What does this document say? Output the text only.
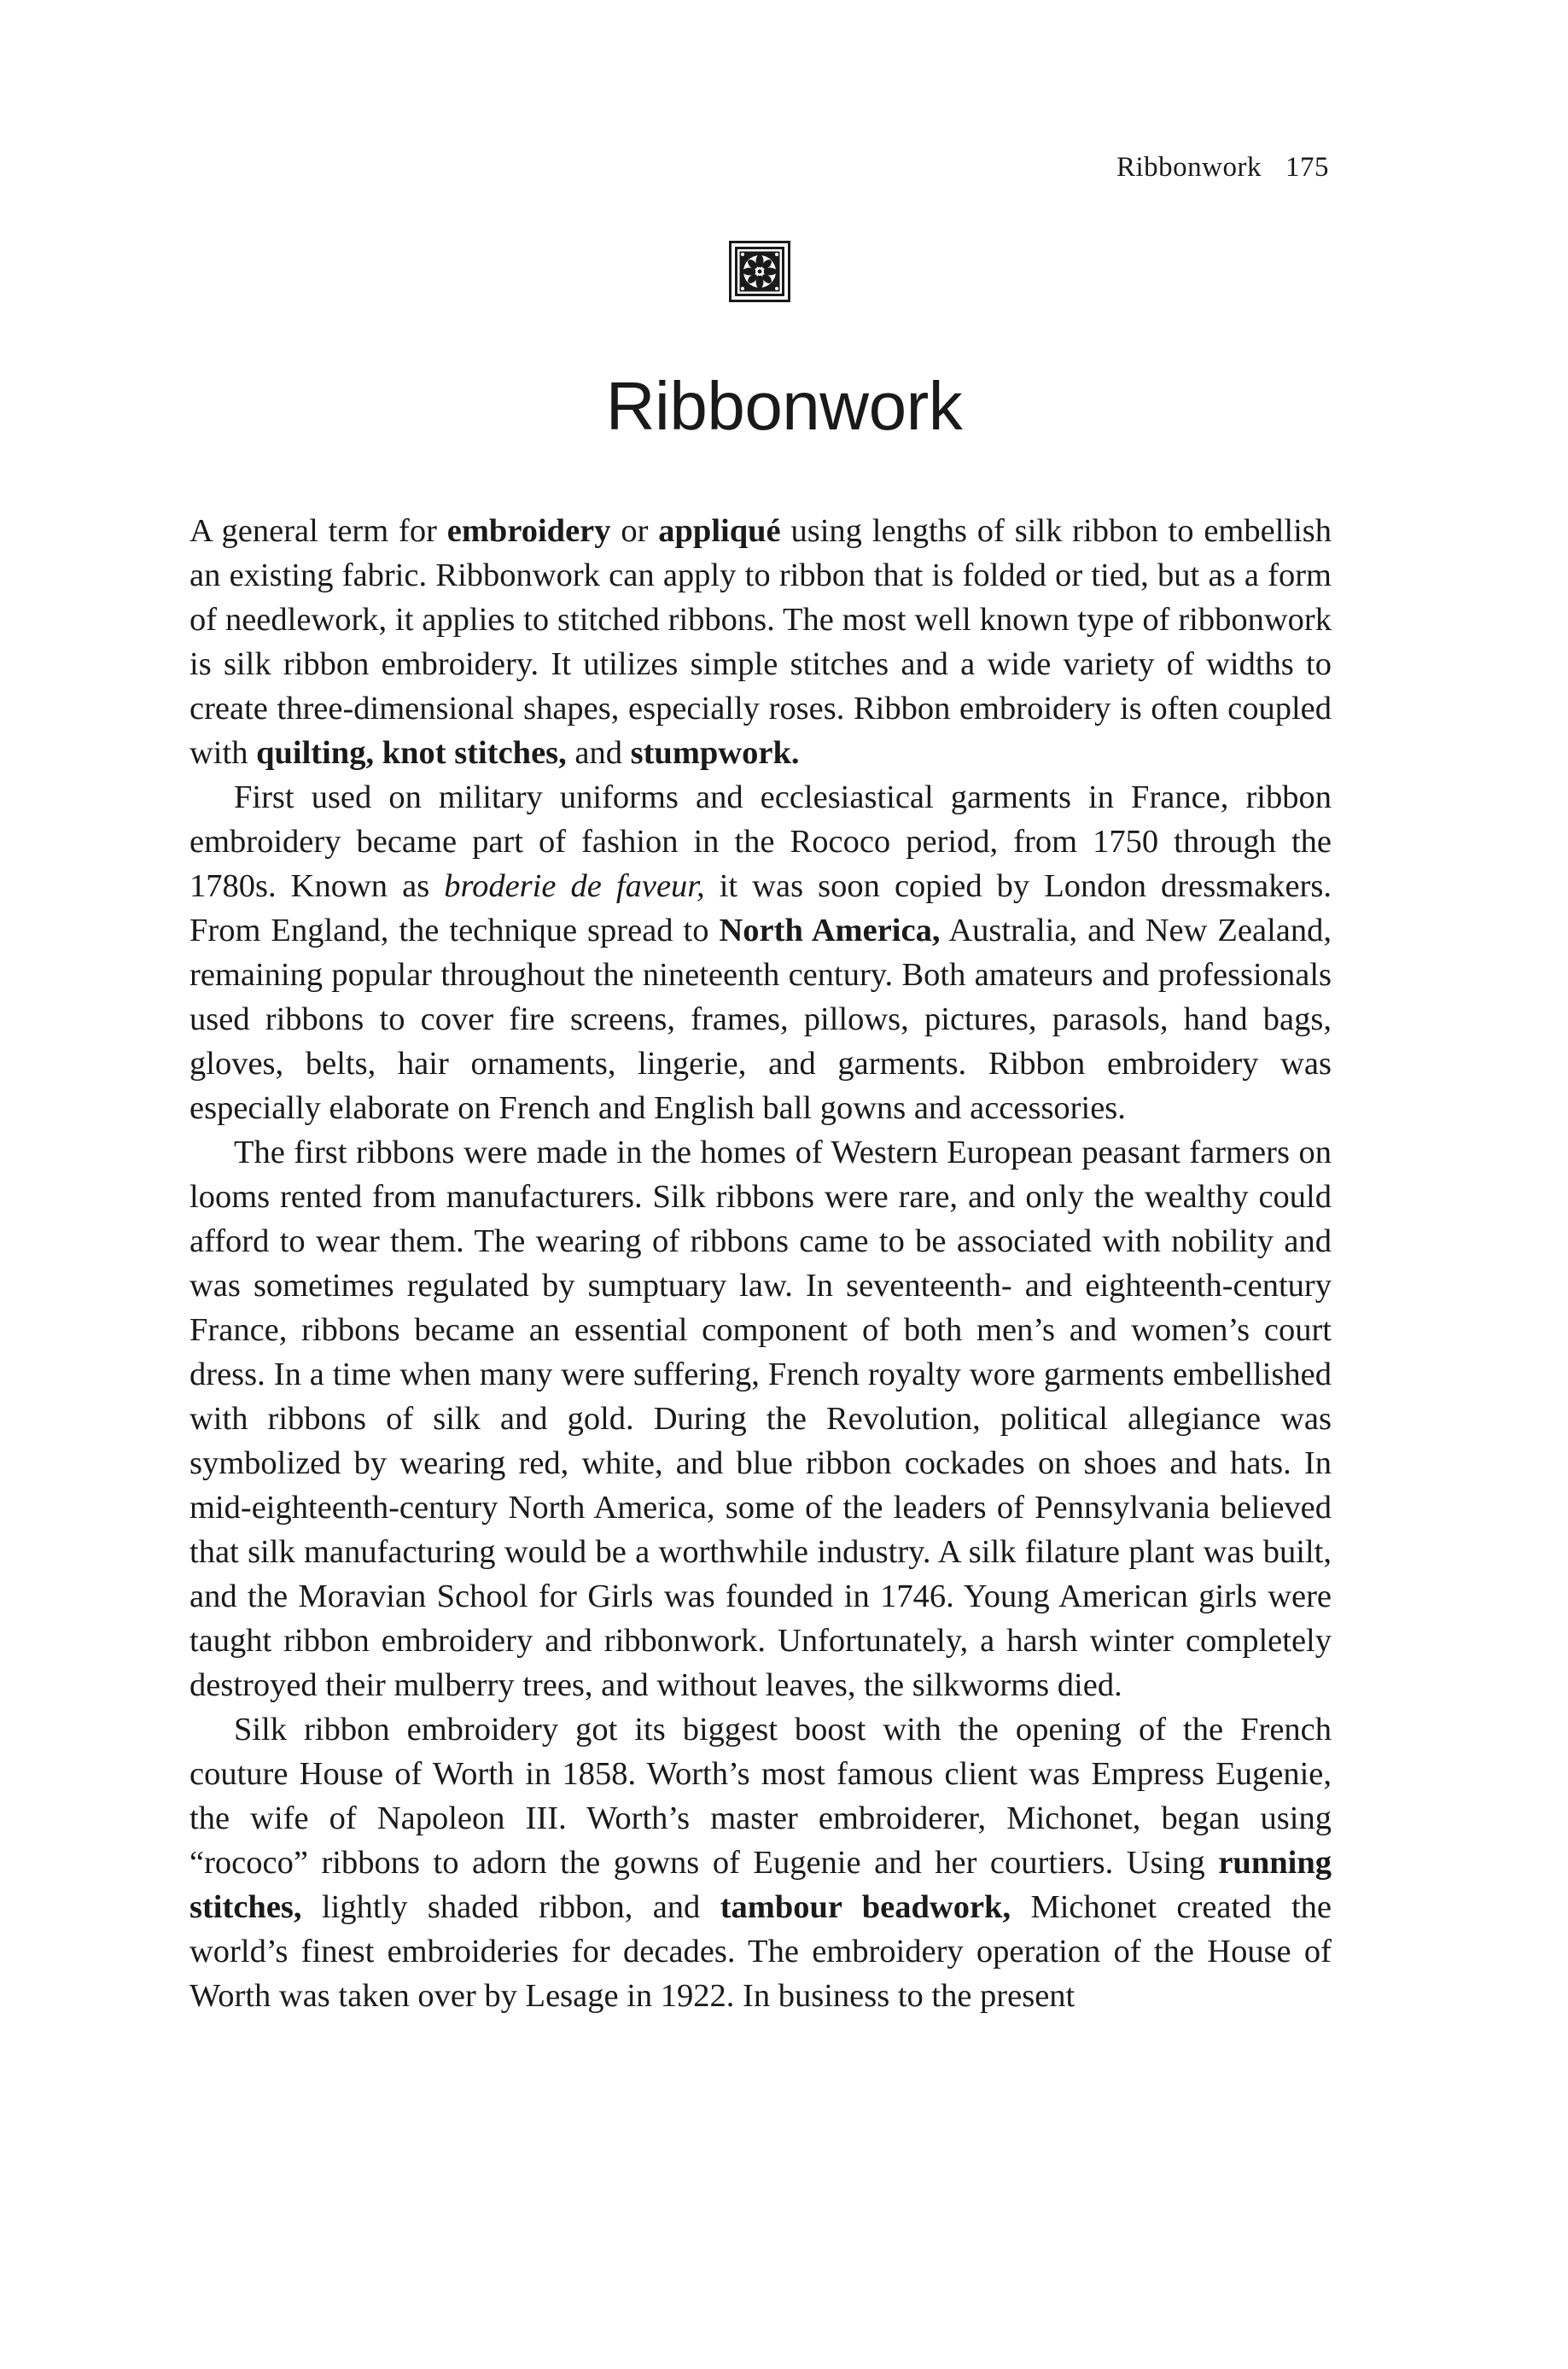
Ribbonwork 175
Ribbonwork

A general term for embroidery or appliqué using lengths of silk ribbon to embellish an existing fabric. Ribbonwork can apply to ribbon that is folded or tied, but as a form of needlework, it applies to stitched ribbons. The most well known type of ribbonwork is silk ribbon embroidery. It utilizes simple stitches and a wide variety of widths to create three-dimensional shapes, especially roses. Ribbon embroidery is often coupled with quilting, knot stitches, and stumpwork.

First used on military uniforms and ecclesiastical garments in France, ribbon embroidery became part of fashion in the Rococo period, from 1750 through the 1780s. Known as broderie de faveur, it was soon copied by London dressmakers. From England, the technique spread to North America, Australia, and New Zealand, remaining popular throughout the nineteenth century. Both amateurs and professionals used ribbons to cover fire screens, frames, pillows, pictures, parasols, hand bags, gloves, belts, hair ornaments, lingerie, and garments. Ribbon embroidery was especially elaborate on French and English ball gowns and accessories.

The first ribbons were made in the homes of Western European peasant farmers on looms rented from manufacturers. Silk ribbons were rare, and only the wealthy could afford to wear them. The wearing of ribbons came to be associated with nobility and was sometimes regulated by sumptuary law. In seventeenth- and eighteenth-century France, ribbons became an essential component of both men’s and women’s court dress. In a time when many were suffering, French royalty wore garments embellished with ribbons of silk and gold. During the Revolution, political allegiance was symbolized by wearing red, white, and blue ribbon cockades on shoes and hats. In mid-eighteenth-century North America, some of the leaders of Pennsylvania believed that silk manufacturing would be a worthwhile industry. A silk filature plant was built, and the Moravian School for Girls was founded in 1746. Young American girls were taught ribbon embroidery and ribbonwork. Unfortunately, a harsh winter completely destroyed their mulberry trees, and without leaves, the silkworms died.

Silk ribbon embroidery got its biggest boost with the opening of the French couture House of Worth in 1858. Worth’s most famous client was Empress Eugenie, the wife of Napoleon III. Worth’s master embroiderer, Michonet, began using “rococo” ribbons to adorn the gowns of Eugenie and her courtiers. Using running stitches, lightly shaded ribbon, and tambour beadwork, Michonet created the world’s finest embroideries for decades. The embroidery operation of the House of Worth was taken over by Lesage in 1922. In business to the present
